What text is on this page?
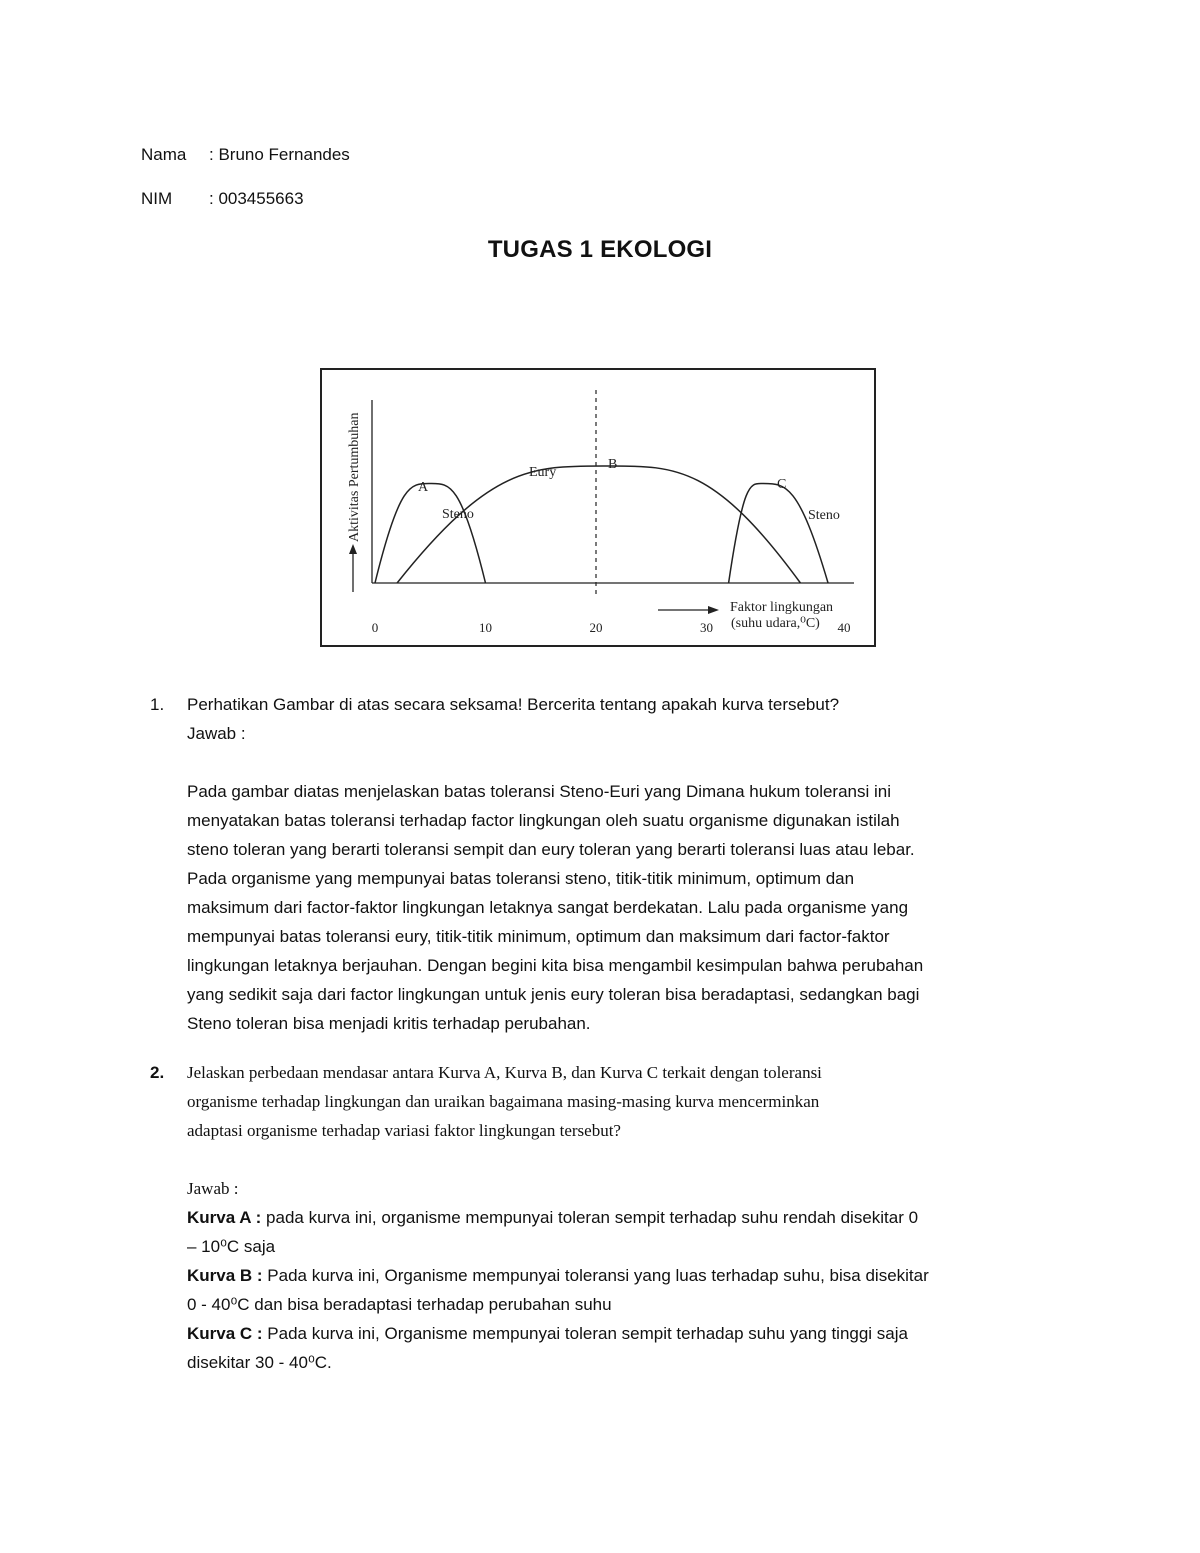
Nama	: Bruno Fernandes
NIM	: 003455663
TUGAS 1 EKOLOGI
Aktivitas Pertumbuhan
Faktor lingkungan
(suhu udara,⁰C)
0	10	20	30	40
A
Steno
Eury
B
C
Steno
1. Perhatikan Gambar di atas secara seksama! Bercerita tentang apakah kurva tersebut?
Jawab :

Pada gambar diatas menjelaskan batas toleransi Steno-Euri yang Dimana hukum toleransi ini

menyatakan batas toleransi terhadap factor lingkungan oleh suatu organisme digunakan istilah

steno toleran yang berarti toleransi sempit dan eury toleran yang berarti toleransi luas atau lebar.

Pada organisme yang mempunyai batas toleransi steno, titik-titik minimum, optimum dan

maksimum dari factor-faktor lingkungan letaknya sangat berdekatan. Lalu pada organisme yang

mempunyai batas toleransi eury, titik-titik minimum, optimum dan maksimum dari factor-faktor

lingkungan letaknya berjauhan. Dengan begini kita bisa mengambil kesimpulan bahwa perubahan

yang sedikit saja dari factor lingkungan untuk jenis eury toleran bisa beradaptasi, sedangkan bagi

Steno toleran bisa menjadi kritis terhadap perubahan.

2. Jelaskan perbedaan mendasar antara Kurva A, Kurva B, dan Kurva C terkait dengan toleransi

organisme terhadap lingkungan dan uraikan bagaimana masing-masing kurva mencerminkan

adaptasi organisme terhadap variasi faktor lingkungan tersebut?

Jawab :
Kurva A : pada kurva ini, organisme mempunyai toleran sempit terhadap suhu rendah disekitar 0
– 10⁰C saja
Kurva B : Pada kurva ini, Organisme mempunyai toleransi yang luas terhadap suhu, bisa disekitar
0 - 40⁰C dan bisa beradaptasi terhadap perubahan suhu
Kurva C : Pada kurva ini, Organisme mempunyai toleran sempit terhadap suhu yang tinggi saja
disekitar 30 - 40⁰C.
